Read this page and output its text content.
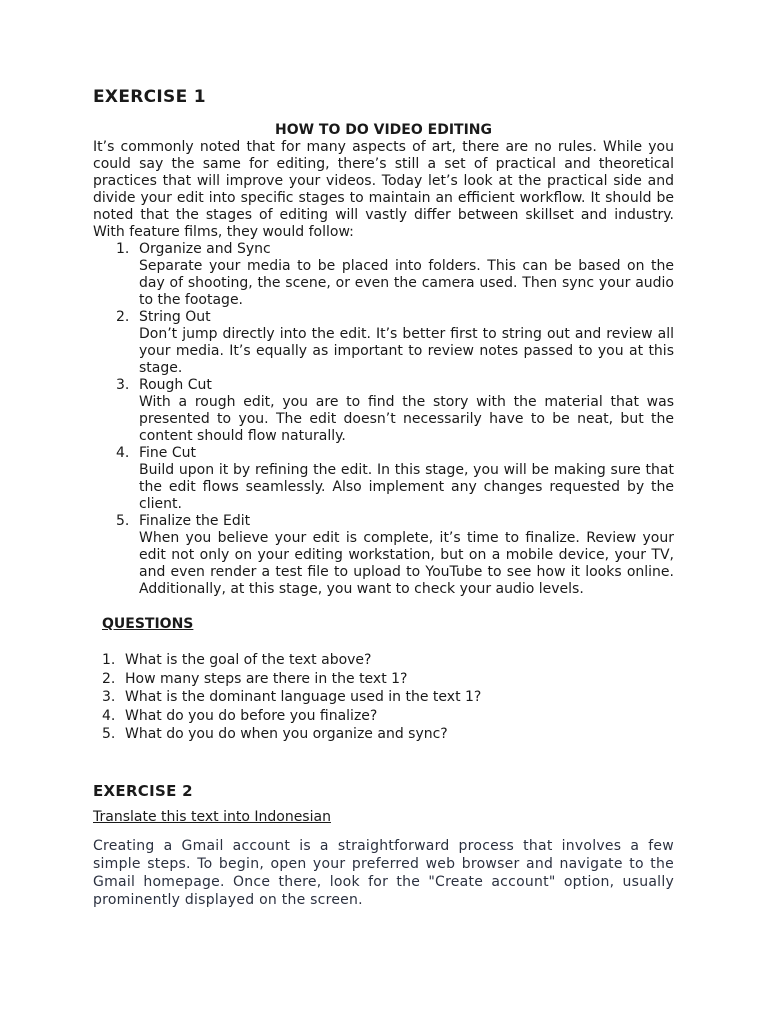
EXERCISE 1
HOW TO DO VIDEO EDITING

It’s commonly noted that for many aspects of art, there are no rules. While you could say the same for editing, there’s still a set of practical and theoretical practices that will improve your videos. Today let’s look at the practical side and divide your edit into specific stages to maintain an efficient workflow. It should be noted that the stages of editing will vastly differ between skillset and industry. With feature films, they would follow:

1. Organize and Sync
Separate your media to be placed into folders. This can be based on the day of shooting, the scene, or even the camera used. Then sync your audio to the footage.
2. String Out
Don’t jump directly into the edit. It’s better first to string out and review all your media. It’s equally as important to review notes passed to you at this stage.
3. Rough Cut
With a rough edit, you are to find the story with the material that was presented to you. The edit doesn’t necessarily have to be neat, but the content should flow naturally.
4. Fine Cut
Build upon it by refining the edit. In this stage, you will be making sure that the edit flows seamlessly. Also implement any changes requested by the client.
5. Finalize the Edit
When you believe your edit is complete, it’s time to finalize. Review your edit not only on your editing workstation, but on a mobile device, your TV, and even render a test file to upload to YouTube to see how it looks online. Additionally, at this stage, you want to check your audio levels.
QUESTIONS
1. What is the goal of the text above?
2. How many steps are there in the text 1?
3. What is the dominant language used in the text 1?
4. What do you do before you finalize?
5. What do you do when you organize and sync?
EXERCISE 2

Translate this text into Indonesian

Creating a Gmail account is a straightforward process that involves a few simple steps. To begin, open your preferred web browser and navigate to the Gmail homepage. Once there, look for the "Create account" option, usually prominently displayed on the screen.
